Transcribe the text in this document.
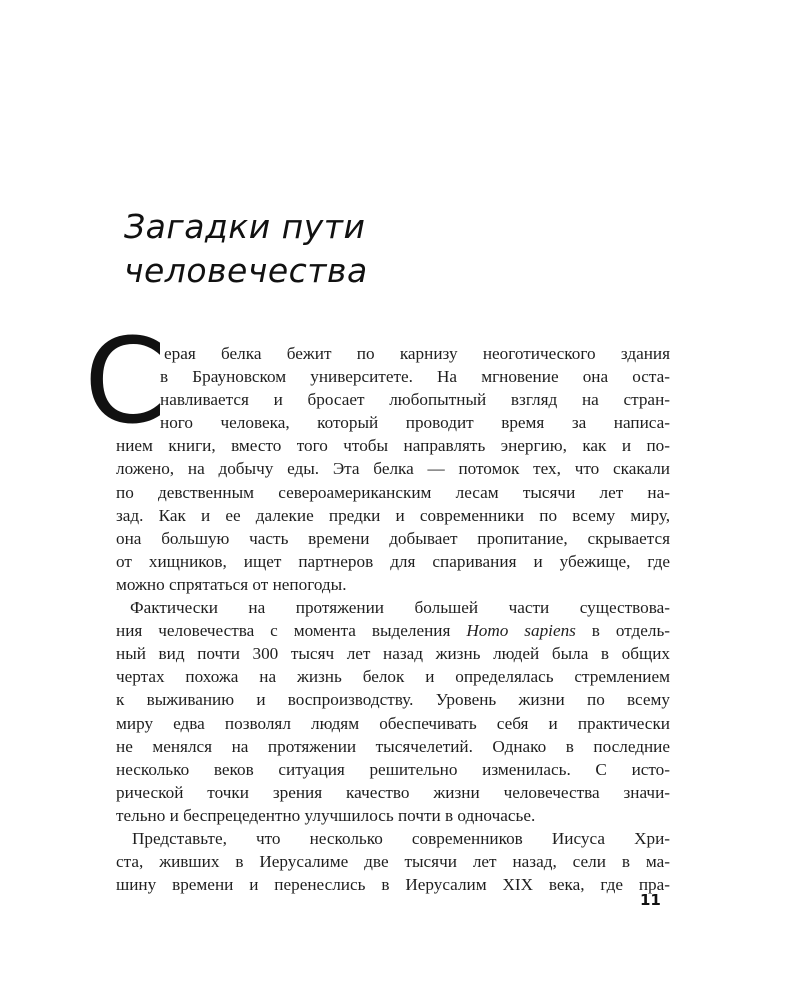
Загадки пути
человечества
С
ерая белка бежит по карнизу неоготического здания
в Брауновском университете. На мгновение она оста-
навливается и бросает любопытный взгляд на стран-
ного человека, который проводит время за написа-
нием книги, вместо того чтобы направлять энергию, как и по-
ложено, на добычу еды. Эта белка — потомок тех, что скакали
по девственным североамериканским лесам тысячи лет на-
зад. Как и ее далекие предки и современники по всему миру,
она большую часть времени добывает пропитание, скрывается
от хищников, ищет партнеров для спаривания и убежище, где
можно спрятаться от непогоды.
Фактически на протяжении большей части существова-
ния человечества с момента выделения Homo sapiens в отдель-
ный вид почти 300 тысяч лет назад жизнь людей была в общих
чертах похожа на жизнь белок и определялась стремлением
к выживанию и воспроизводству. Уровень жизни по всему
миру едва позволял людям обеспечивать себя и практически
не менялся на протяжении тысячелетий. Однако в последние
несколько веков ситуация решительно изменилась. С исто-
рической точки зрения качество жизни человечества значи-
тельно и беспрецедентно улучшилось почти в одночасье.
Представьте, что несколько современников Иисуса Хри-
ста, живших в Иерусалиме две тысячи лет назад, сели в ма-
шину времени и перенеслись в Иерусалим XIX века, где пра-
11
